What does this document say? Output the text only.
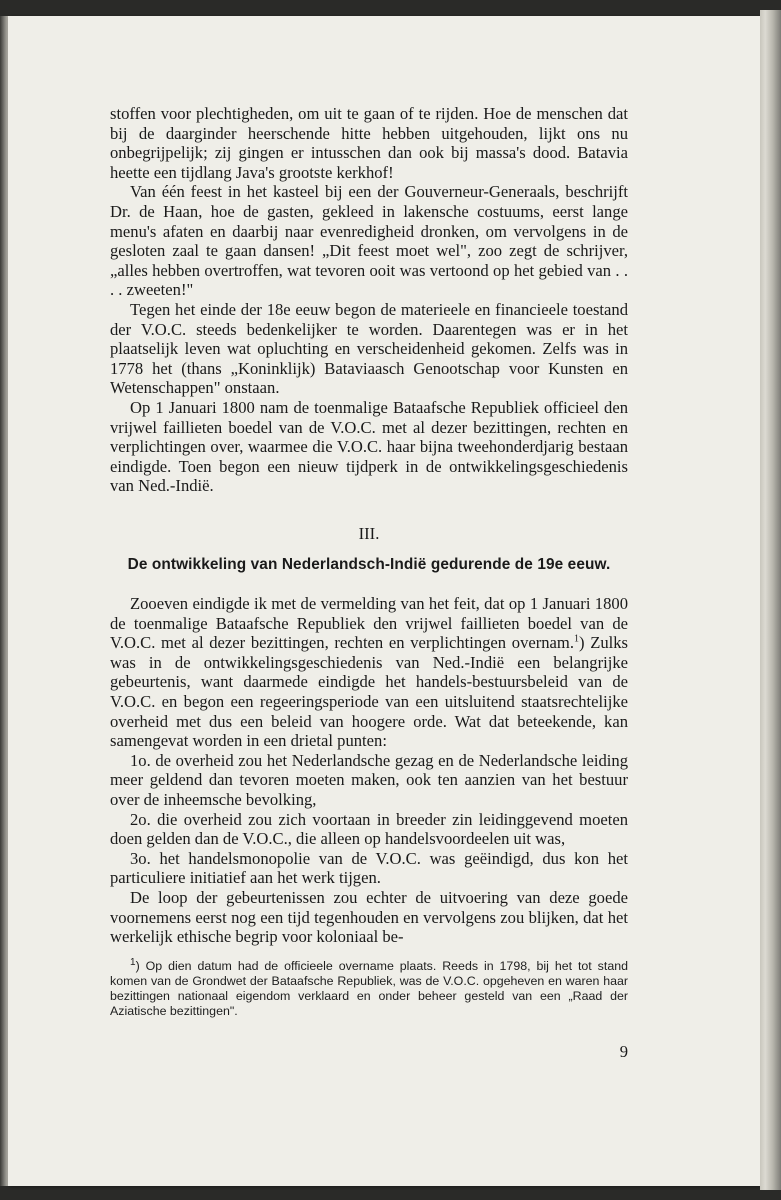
stoffen voor plechtigheden, om uit te gaan of te rijden. Hoe de menschen dat bij de daarginder heerschende hitte hebben uitgehouden, lijkt ons nu onbegrijpelijk; zij gingen er intusschen dan ook bij massa's dood. Batavia heette een tijdlang Java's grootste kerkhof!

Van één feest in het kasteel bij een der Gouverneur-Generaals, beschrijft Dr. de Haan, hoe de gasten, gekleed in lakensche costuums, eerst lange menu's afaten en daarbij naar evenredigheid dronken, om vervolgens in de gesloten zaal te gaan dansen! „Dit feest moet wel", zoo zegt de schrijver, „alles hebben overtroffen, wat tevoren ooit was vertoond op het gebied van . . . . zweeten!"

Tegen het einde der 18e eeuw begon de materieele en financieele toestand der V.O.C. steeds bedenkelijker te worden. Daarentegen was er in het plaatselijk leven wat opluchting en verscheidenheid gekomen. Zelfs was in 1778 het (thans „Koninklijk) Bataviaasch Genootschap voor Kunsten en Wetenschappen" onstaan.

Op 1 Januari 1800 nam de toenmalige Bataafsche Republiek officieel den vrijwel faillieten boedel van de V.O.C. met al dezer bezittingen, rechten en verplichtingen over, waarmee die V.O.C. haar bijna tweehonderdjarig bestaan eindigde. Toen begon een nieuw tijdperk in de ontwikkelingsgeschiedenis van Ned.-Indië.

III.
De ontwikkeling van Nederlandsch-Indië gedurende de 19e eeuw.

Zooeven eindigde ik met de vermelding van het feit, dat op 1 Januari 1800 de toenmalige Bataafsche Republiek den vrijwel faillieten boedel van de V.O.C. met al dezer bezittingen, rechten en verplichtingen overnam.$^1$) Zulks was in de ontwikkelingsgeschiedenis van Ned.-Indië een belangrijke gebeurtenis, want daarmede eindigde het handels-bestuursbeleid van de V.O.C. en begon een regeeringsperiode van een uitsluitend staatsrechtelijke overheid met dus een beleid van hoogere orde. Wat dat beteekende, kan samengevat worden in een drietal punten:

1o. de overheid zou het Nederlandsche gezag en de Nederlandsche leiding meer geldend dan tevoren moeten maken, ook ten aanzien van het bestuur over de inheemsche bevolking,

2o. die overheid zou zich voortaan in breeder zin leidinggevend moeten doen gelden dan de V.O.C., die alleen op handelsvoordeelen uit was,

3o. het handelsmonopolie van de V.O.C. was geëindigd, dus kon het particuliere initiatief aan het werk tijgen.

De loop der gebeurtenissen zou echter de uitvoering van deze goede voornemens eerst nog een tijd tegenhouden en vervolgens zou blijken, dat het werkelijk ethische begrip voor koloniaal be-

$^1$) Op dien datum had de officieele overname plaats. Reeds in 1798, bij het tot stand komen van de Grondwet der Bataafsche Republiek, was de V.O.C. opgeheven en waren haar bezittingen nationaal eigendom verklaard en onder beheer gesteld van een „Raad der Aziatische bezittingen".

9
